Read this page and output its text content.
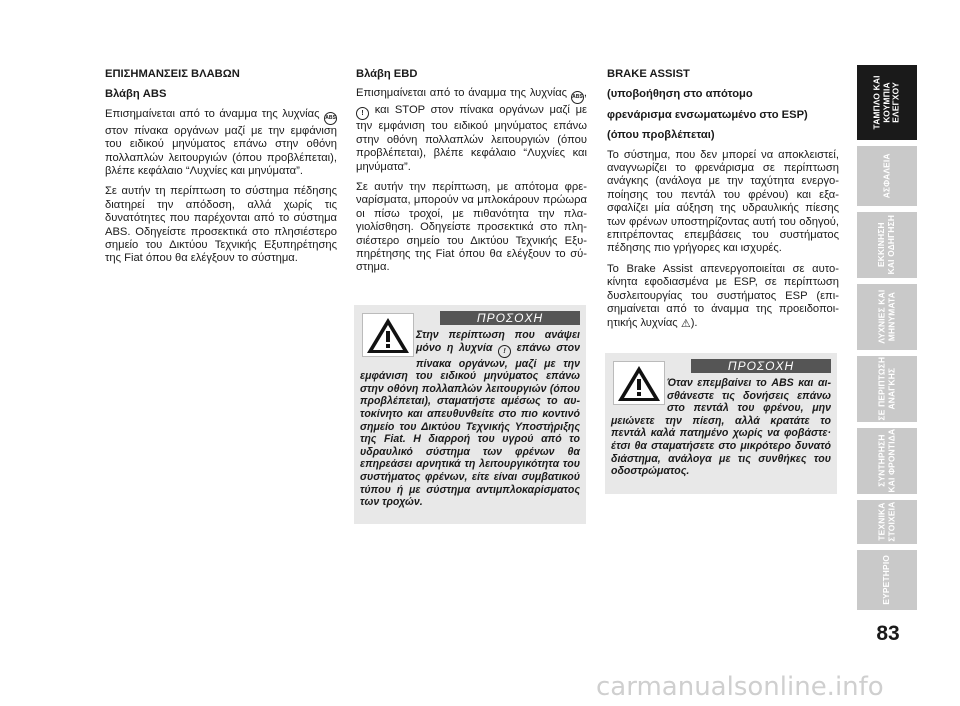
ΕΠΙΣΗΜΑΝΣΕΙΣ ΒΛΑΒΩΝ

Βλάβη ABS

Επισημαίνεται από το άναμμα της λυχνίας ABS στον πίνακα οργάνων μαζί με την εμφάνιση του ειδικού μηνύματος επάνω στην οθόνη πολλαπλών λειτουργιών (όπου προβλέπεται), βλέπε κεφάλαιο “Λυχνίες και μηνύματα”.

Σε αυτήν τη περίπτωση το σύστημα πέδησης διατηρεί την απόδοση, αλλά χωρίς τις δυνατότητες που παρέχονται από το σύστημα ABS. Οδηγείστε προσεκτικά στο πλησιέστερο σημείο του Δικτύου Τεχνικής Εξυπηρέτησης της Fiat όπου θα ελέγξουν το σύστημα.

Βλάβη EBD

Επισημαίνεται από το άναμμα της λυχνίας ABS, ! και STOP στον πίνακα οργάνων μαζί με την εμφάνιση του ειδικού μηνύματος επάνω στην οθόνη πολλαπλών λειτουργιών (όπου προβλέπεται), βλέπε κεφάλαιο “Λυχνίες και μηνύματα”.

Σε αυτήν την περίπτωση, με απότομα φρεναρίσματα, μπορούν να μπλοκάρουν πρώωρα οι πίσω τροχοί, με πιθανότητα την πλαγιολίσθηση. Οδηγείστε προσεκτικά στο πλησιέστερο σημείο του Δικτύου Τεχνικής Εξυπηρέτησης της Fiat όπου θα ελέγξουν το σύστημα.

BRAKE ASSIST

(υποβοήθηση στο απότομο

φρενάρισμα ενσωματωμένο στο ESP)

(όπου προβλέπεται)

Το σύστημα, που δεν μπορεί να αποκλειστεί, αναγνωρίζει το φρενάρισμα σε περίπτωση ανάγκης (ανάλογα με την ταχύτητα ενεργοποίησης του πεντάλ του φρένου) και εξασφαλίζει μία αύξηση της υδραυλικής πίεσης των φρένων υποστηρίζοντας αυτή του οδηγού, επιτρέποντας επεμβάσεις του συστήματος πέδησης πιο γρήγορες και ισχυρές.

Το Brake Assist απενεργοποιείται σε αυτοκίνητα εφοδιασμένα με ESP, σε περίπτωση δυσλειτουργίας του συστήματος ESP (επισημαίνεται από το άναμμα της προειδοποιητικής λυχνίας ⚠).

ΠΡΟΣΟΧΗ
Στην περίπτωση που ανάψει μόνο η λυχνία ! επάνω στον πίνακα οργάνων, μαζί με την εμφάνιση του ειδικού μηνύματος επάνω στην οθόνη πολλαπλών λειτουργιών (όπου προβλέπεται), σταματήστε αμέσως το αυτοκίνητο και απευθυνθείτε στο πιο κοντινό σημείο του Δικτύου Τεχνικής Υποστήριξης της Fiat. Η διαρροή του υγρού από το υδραυλικό σύστημα των φρένων θα επηρεάσει αρνητικά τη λειτουργικότητα του συστήματος φρένων, είτε είναι συμβατικού τύπου ή με σύστημα αντιμπλοκαρίσματος των τροχών.
ΠΡΟΣΟΧΗ
Όταν επεμβαίνει το ABS και αισθάνεστε τις δονήσεις επάνω στο πεντάλ του φρένου, μην μειώνετε την πίεση, αλλά κρατάτε το πεντάλ καλά πατημένο χωρίς να φοβάστε· έτσι θα σταματήσετε στο μικρότερο δυνατό διάστημα, ανάλογα με τις συνθήκες του οδοστρώματος.
ΤΑΜΠΛΟ ΚΑΙ
ΚΟΥΜΠΙΑ
ΕΛΕΓΧΟΥ
ΑΣΦΑΛΕΙΑ
ΕΚΚΙΝΗΣΗ
ΚΑΙ ΟΔΗΓΗΣΗ
ΛΥΧΝΙΕΣ ΚΑΙ
ΜΗΝΥΜΑΤΑ
ΣΕ ΠΕΡΙΠΤΩΣΗ
ΑΝΑΓΚΗΣ
ΣΥΝΤΗΡΗΣΗ
ΚΑΙ ΦΡΟΝΤΙΔΑ
ΤΕΧΝΙΚΑ
ΣΤΟΙΧΕΙΑ
ΕΥΡΕΤΗΡΙΟ
83
carmanualsonline.info
